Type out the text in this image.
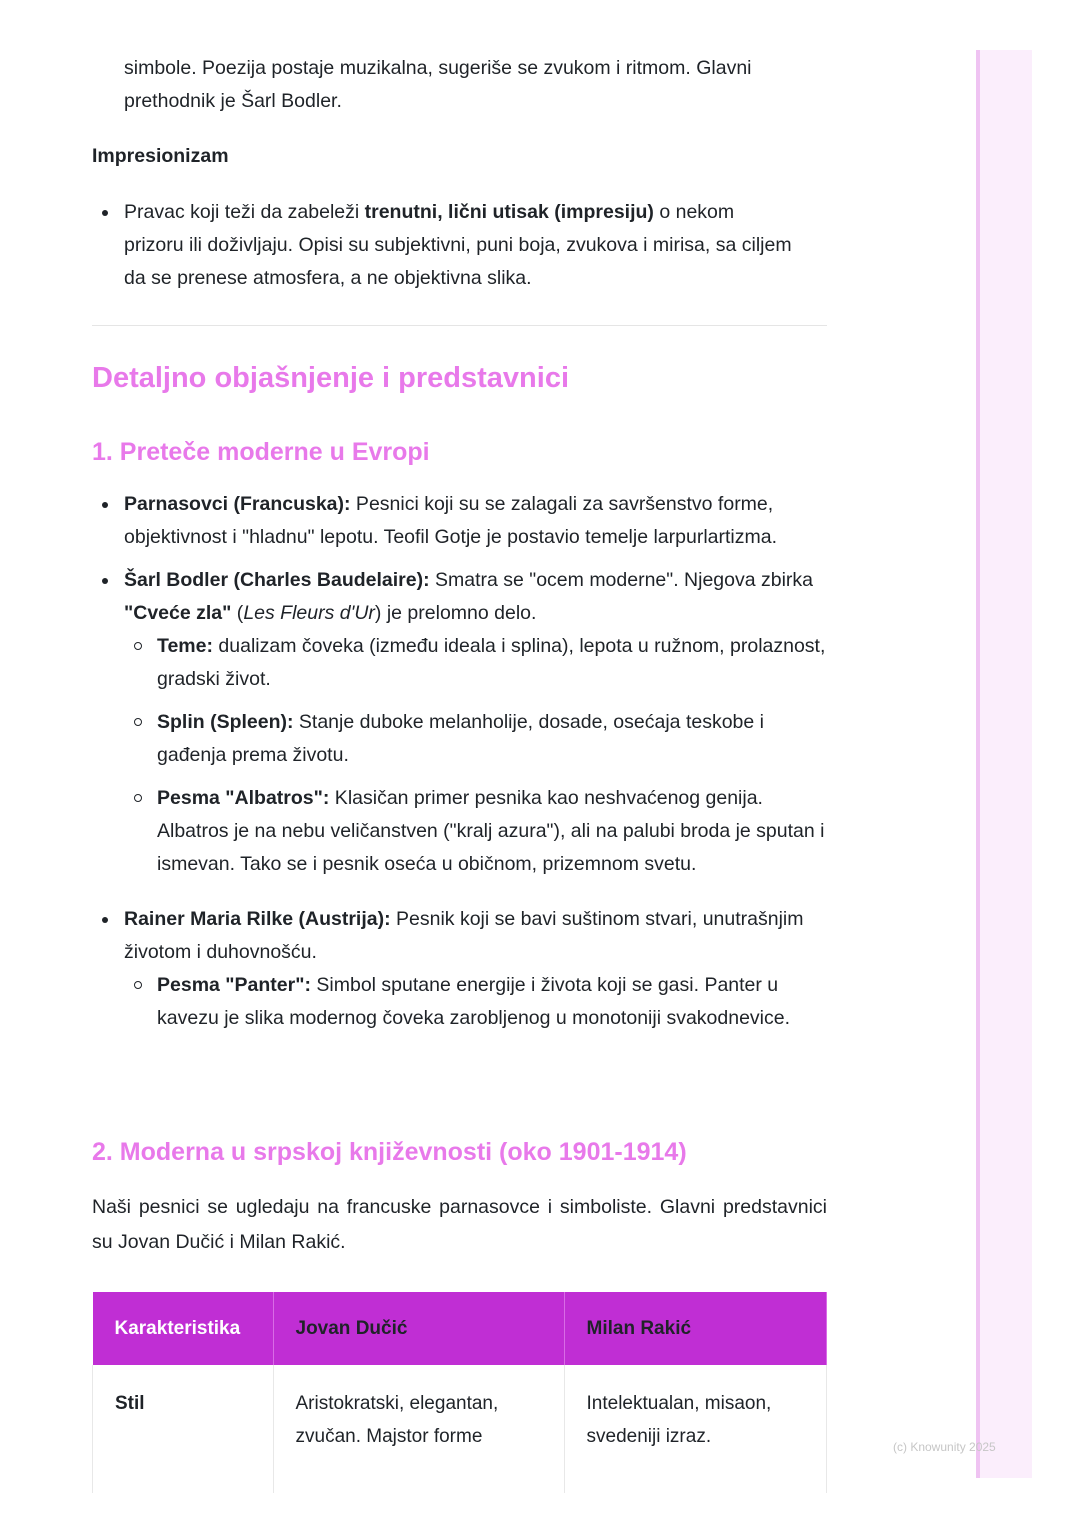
(c) Knowunity 2025

simbole. Poezija postaje muzikalna, sugeriše se zvukom i ritmom. Glavni prethodnik je Šarl Bodler.

Impresionizam

Pravac koji teži da zabeleži trenutni, lični utisak (impresiju) o nekom prizoru ili doživljaju. Opisi su subjektivni, puni boja, zvukova i mirisa, sa ciljem da se prenese atmosfera, a ne objektivna slika.
Detaljno objašnjenje i predstavnici
1. Preteče moderne u Evropi
Parnasovci (Francuska): Pesnici koji su se zalagali za savršenstvo forme, objektivnost i "hladnu" lepotu. Teofil Gotje je postavio temelje larpurlartizma.
Šarl Bodler (Charles Baudelaire): Smatra se "ocem moderne". Njegova zbirka "Cveće zla" (Les Fleurs d'Ur) je prelomno delo.
Teme: dualizam čoveka (između ideala i splina), lepota u ružnom, prolaznost, gradski život.
Splin (Spleen): Stanje duboke melanholije, dosade, osećaja teskobe i gađenja prema životu.
Pesma "Albatros": Klasičan primer pesnika kao neshvaćenog genija. Albatros je na nebu veličanstven ("kralj azura"), ali na palubi broda je sputan i ismevan. Tako se i pesnik oseća u običnom, prizemnom svetu.
Rainer Maria Rilke (Austrija): Pesnik koji se bavi suštinom stvari, unutrašnjim životom i duhovnošću.
Pesma "Panter": Simbol sputane energije i života koji se gasi. Panter u kavezu je slika modernog čoveka zarobljenog u monotoniji svakodnevice.
2. Moderna u srpskoj književnosti (oko 1901-1914)

Naši pesnici se ugledaju na francuske parnasovce i simboliste. Glavni predstavnici su Jovan Dučić i Milan Rakić.

Karakteristika	Jovan Dučić	Milan Rakić
Stil	Aristokratski, elegantan, zvučan. Majstor forme	Intelektualan, misaon, svedeniji izraz.
